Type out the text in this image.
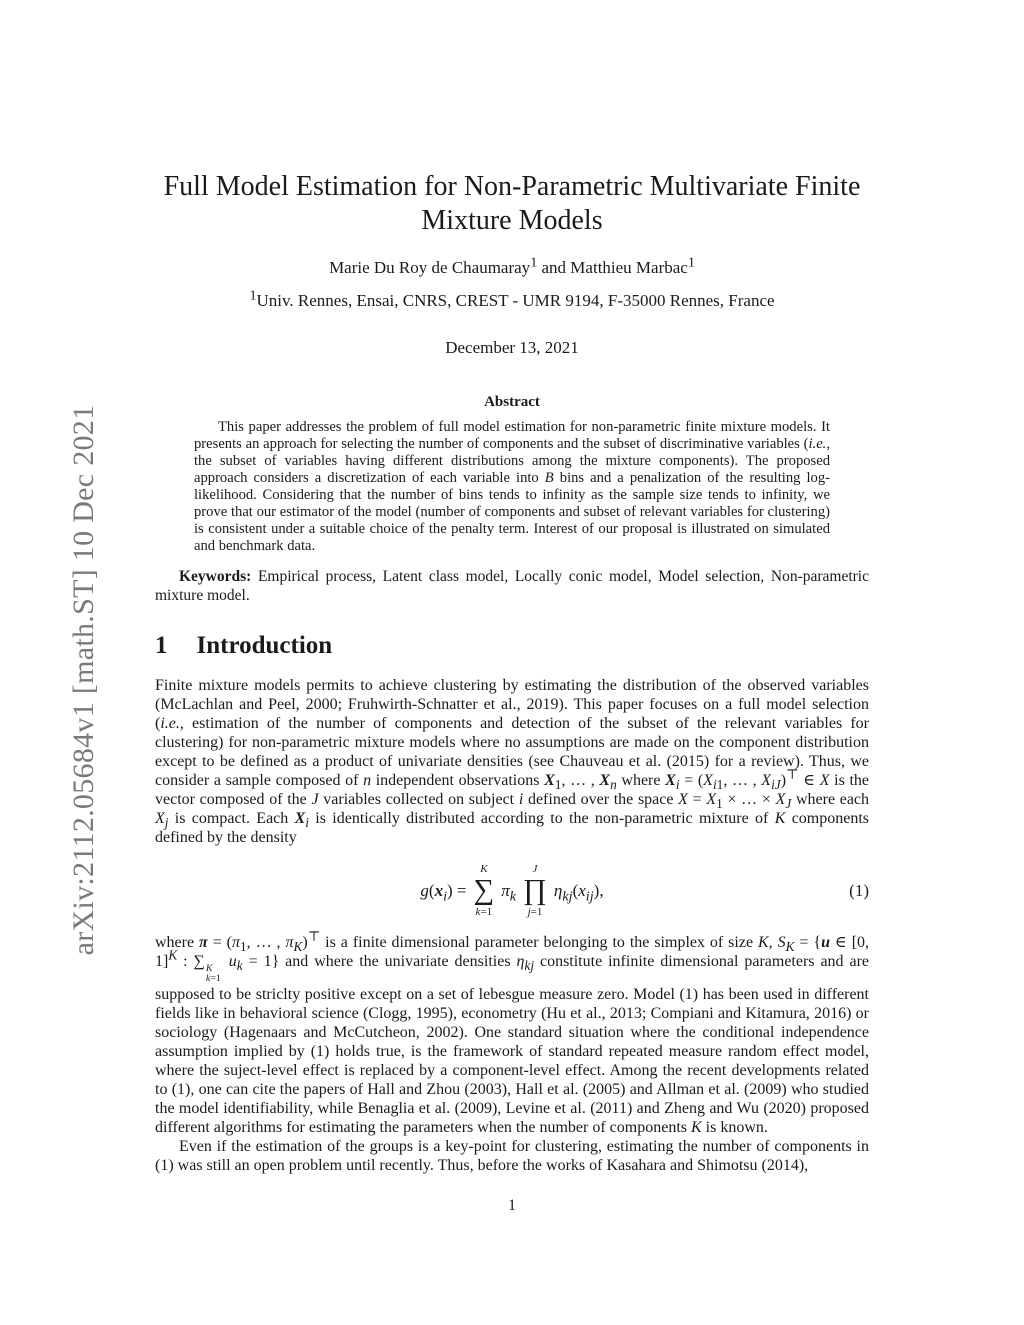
arXiv:2112.05684v1 [math.ST] 10 Dec 2021
Full Model Estimation for Non-Parametric Multivariate Finite Mixture Models
Marie Du Roy de Chaumaray$^1$ and Matthieu Marbac$^1$
$^1$Univ. Rennes, Ensai, CNRS, CREST - UMR 9194, F-35000 Rennes, France
December 13, 2021
Abstract

This paper addresses the problem of full model estimation for non-parametric finite mixture models. It presents an approach for selecting the number of components and the subset of discriminative variables (i.e., the subset of variables having different distributions among the mixture components). The proposed approach considers a discretization of each variable into B bins and a penalization of the resulting log-likelihood. Considering that the number of bins tends to infinity as the sample size tends to infinity, we prove that our estimator of the model (number of components and subset of relevant variables for clustering) is consistent under a suitable choice of the penalty term. Interest of our proposal is illustrated on simulated and benchmark data.

Keywords: Empirical process, Latent class model, Locally conic model, Model selection, Non-parametric mixture model.

1 Introduction

Finite mixture models permits to achieve clustering by estimating the distribution of the observed variables (McLachlan and Peel, 2000; Fruhwirth-Schnatter et al., 2019). This paper focuses on a full model selection (i.e., estimation of the number of components and detection of the subset of the relevant variables for clustering) for non-parametric mixture models where no assumptions are made on the component distribution except to be defined as a product of univariate densities (see Chauveau et al. (2015) for a review). Thus, we consider a sample composed of n independent observations $X_1$, … , $X_n$ where $X_i = (X_{i1}$, … , $X_{iJ})^⊤$ ∈ X is the vector composed of the J variables collected on subject i defined over the space $X = X_1$ × … × $X_J$ where each $X_j$ is compact. Each $X_i$ is identically distributed according to the non-parametric mixture of K components defined by the density

$g(x_i)$ =
K
∑
k=1
$\pi_k$
J
∏
j=1
$\eta_{kj}(x_{ij})$,	(1)

where $\pi = (\pi_1$, … , $\pi_K)^⊤$ is a finite dimensional parameter belonging to the simplex of size K, $S_K = \{u$ ∈ [0, 1]$^K$ : ∑ K
k=1
$u_k = 1$} and where the univariate densities $\eta_{kj}$ constitute infinite dimensional parameters and are supposed to be striclty positive except on a set of lebesgue measure zero. Model (1) has been used in different fields like in behavioral science (Clogg, 1995), econometry (Hu et al., 2013; Compiani and Kitamura, 2016) or sociology (Hagenaars and McCutcheon, 2002). One standard situation where the conditional independence assumption implied by (1) holds true, is the framework of standard repeated measure random effect model, where the suject-level effect is replaced by a component-level effect. Among the recent developments related to (1), one can cite the papers of Hall and Zhou (2003), Hall et al. (2005) and Allman et al. (2009) who studied the model identifiability, while Benaglia et al. (2009), Levine et al. (2011) and Zheng and Wu (2020) proposed different algorithms for estimating the parameters when the number of components K is known.

Even if the estimation of the groups is a key-point for clustering, estimating the number of components in (1) was still an open problem until recently. Thus, before the works of Kasahara and Shimotsu (2014),

1
